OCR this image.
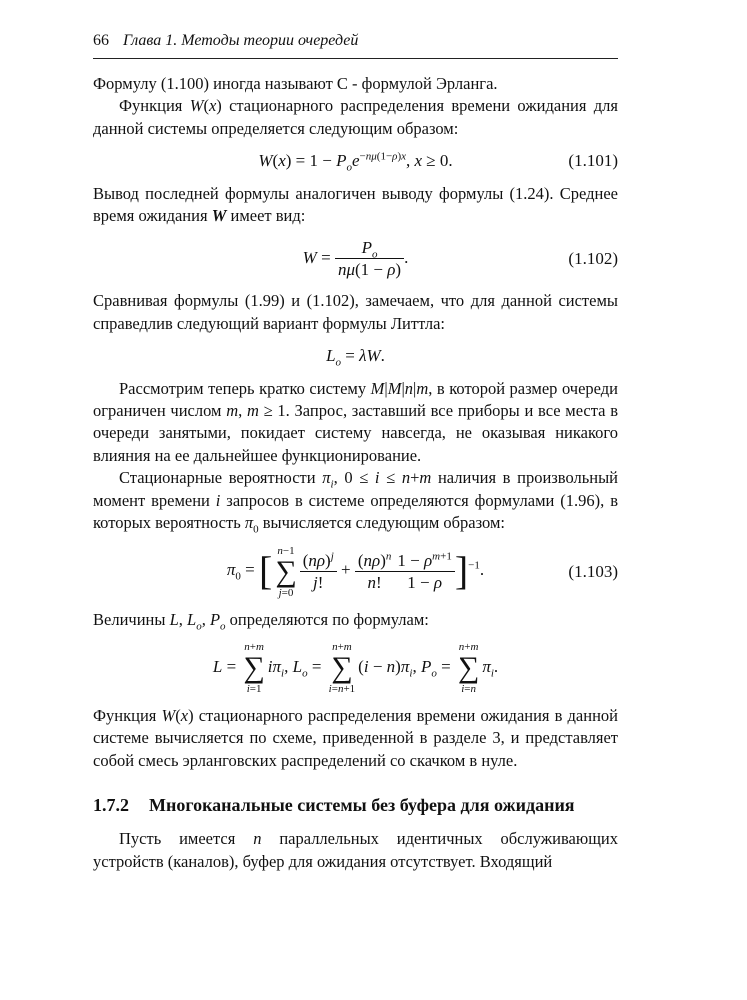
66 Глава 1. Методы теории очередей

Формулу (1.100) иногда называют C - формулой Эрланга.

Функция W(x) стационарного распределения времени ожидания для данной системы определяется следующим образом:

$W(x) = 1 - P_oe^{-n\mu(1-\rho)x}$, x ≥ 0.	(1.101)

Вывод последней формулы аналогичен выводу формулы (1.24). Среднее время ожидания W имеет вид:

$W = \frac{P_o}{n\mu(1 - \rho)}$ .	(1.102)

Сравнивая формулы (1.99) и (1.102), замечаем, что для данной системы справедлив следующий вариант формулы Литтла:

$L_o = \lambda W$.

Рассмотрим теперь кратко систему M|M|n|m, в которой размер очереди ограничен числом m, m ≥ 1. Запрос, заставший все приборы и все места в очереди занятыми, покидает систему навсегда, не оказывая никакого влияния на ее дальнейшее функционирование.

Стационарные вероятности $\pi_i$, 0 ≤ i ≤ n+m наличия в произвольный момент времени i запросов в системе определяются формулами (1.96), в которых вероятность $\pi_0$ вычисляется следующим образом:

$\pi_0$ = [ n−1
∑
$j=0 \frac{(n\rho)^j}{j!} + \frac{(n\rho)^n}{n!} \frac{1 - \rho^{m+1}}{1 - \rho} ]^{-1}$.	(1.103)

Величины L, $L_o$, $P_o$ определяются по формулам:

L =
n+m
∑
i=1
$i\pi_i$, $L_o$ =
n+m
∑
i=n+1
$(i - n)\pi_i$, $P_o$ =
n+m
∑
i=n
$\pi_i$.

Функция W(x) стационарного распределения времени ожидания в данной системе вычисляется по схеме, приведенной в разделе 3, и представляет собой смесь эрланговских распределений со скачком в нуле.

1.7.2	Многоканальные системы без буфера для ожидания

Пусть имеется n параллельных идентичных обслуживающих устройств (каналов), буфер для ожидания отсутствует. Входящий
